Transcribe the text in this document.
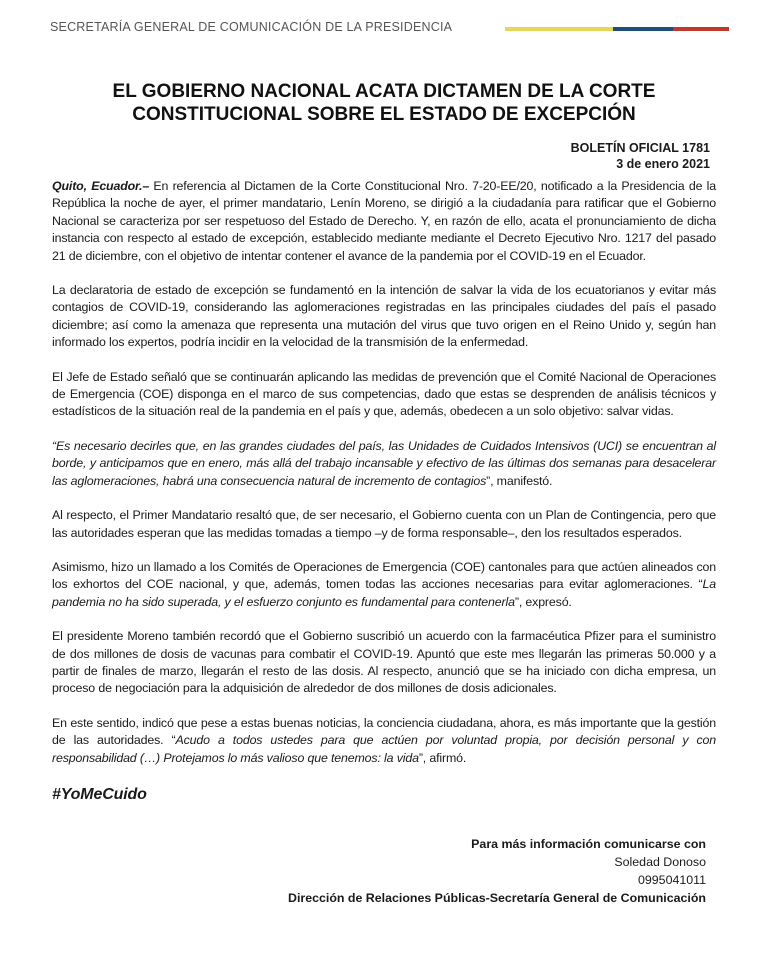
SECRETARÍA GENERAL DE COMUNICACIÓN DE LA PRESIDENCIA
EL GOBIERNO NACIONAL ACATA DICTAMEN DE LA CORTE CONSTITUCIONAL SOBRE EL ESTADO DE EXCEPCIÓN
BOLETÍN OFICIAL 1781
3 de enero 2021

Quito, Ecuador.– En referencia al Dictamen de la Corte Constitucional Nro. 7-20-EE/20, notificado a la Presidencia de la República la noche de ayer, el primer mandatario, Lenín Moreno, se dirigió a la ciudadanía para ratificar que el Gobierno Nacional se caracteriza por ser respetuoso del Estado de Derecho. Y, en razón de ello, acata el pronunciamiento de dicha instancia con respecto al estado de excepción, establecido mediante mediante el Decreto Ejecutivo Nro. 1217 del pasado 21 de diciembre, con el objetivo de intentar contener el avance de la pandemia por el COVID-19 en el Ecuador.

La declaratoria de estado de excepción se fundamentó en la intención de salvar la vida de los ecuatorianos y evitar más contagios de COVID-19, considerando las aglomeraciones registradas en las principales ciudades del país el pasado diciembre; así como la amenaza que representa una mutación del virus que tuvo origen en el Reino Unido y, según han informado los expertos, podría incidir en la velocidad de la transmisión de la enfermedad.

El Jefe de Estado señaló que se continuarán aplicando las medidas de prevención que el Comité Nacional de Operaciones de Emergencia (COE) disponga en el marco de sus competencias, dado que estas se desprenden de análisis técnicos y estadísticos de la situación real de la pandemia en el país y que, además, obedecen a un solo objetivo: salvar vidas.

“Es necesario decirles que, en las grandes ciudades del país, las Unidades de Cuidados Intensivos (UCI) se encuentran al borde, y anticipamos que en enero, más allá del trabajo incansable y efectivo de las últimas dos semanas para desacelerar las aglomeraciones, habrá una consecuencia natural de incremento de contagios”, manifestó.

Al respecto, el Primer Mandatario resaltó que, de ser necesario, el Gobierno cuenta con un Plan de Contingencia, pero que las autoridades esperan que las medidas tomadas a tiempo –y de forma responsable–, den los resultados esperados.

Asimismo, hizo un llamado a los Comités de Operaciones de Emergencia (COE) cantonales para que actúen alineados con los exhortos del COE nacional, y que, además, tomen todas las acciones necesarias para evitar aglomeraciones. “La pandemia no ha sido superada, y el esfuerzo conjunto es fundamental para contenerla”, expresó.

El presidente Moreno también recordó que el Gobierno suscribió un acuerdo con la farmacéutica Pfizer para el suministro de dos millones de dosis de vacunas para combatir el COVID-19. Apuntó que este mes llegarán las primeras 50.000 y a partir de finales de marzo, llegarán el resto de las dosis. Al respecto, anunció que se ha iniciado con dicha empresa, un proceso de negociación para la adquisición de alrededor de dos millones de dosis adicionales.

En este sentido, indicó que pese a estas buenas noticias, la conciencia ciudadana, ahora, es más importante que la gestión de las autoridades. “Acudo a todos ustedes para que actúen por voluntad propia, por decisión personal y con responsabilidad (…) Protejamos lo más valioso que tenemos: la vida”, afirmó.

#YoMeCuido
Para más información comunicarse con
Soledad Donoso
0995041011
Dirección de Relaciones Públicas-Secretaría General de Comunicación
